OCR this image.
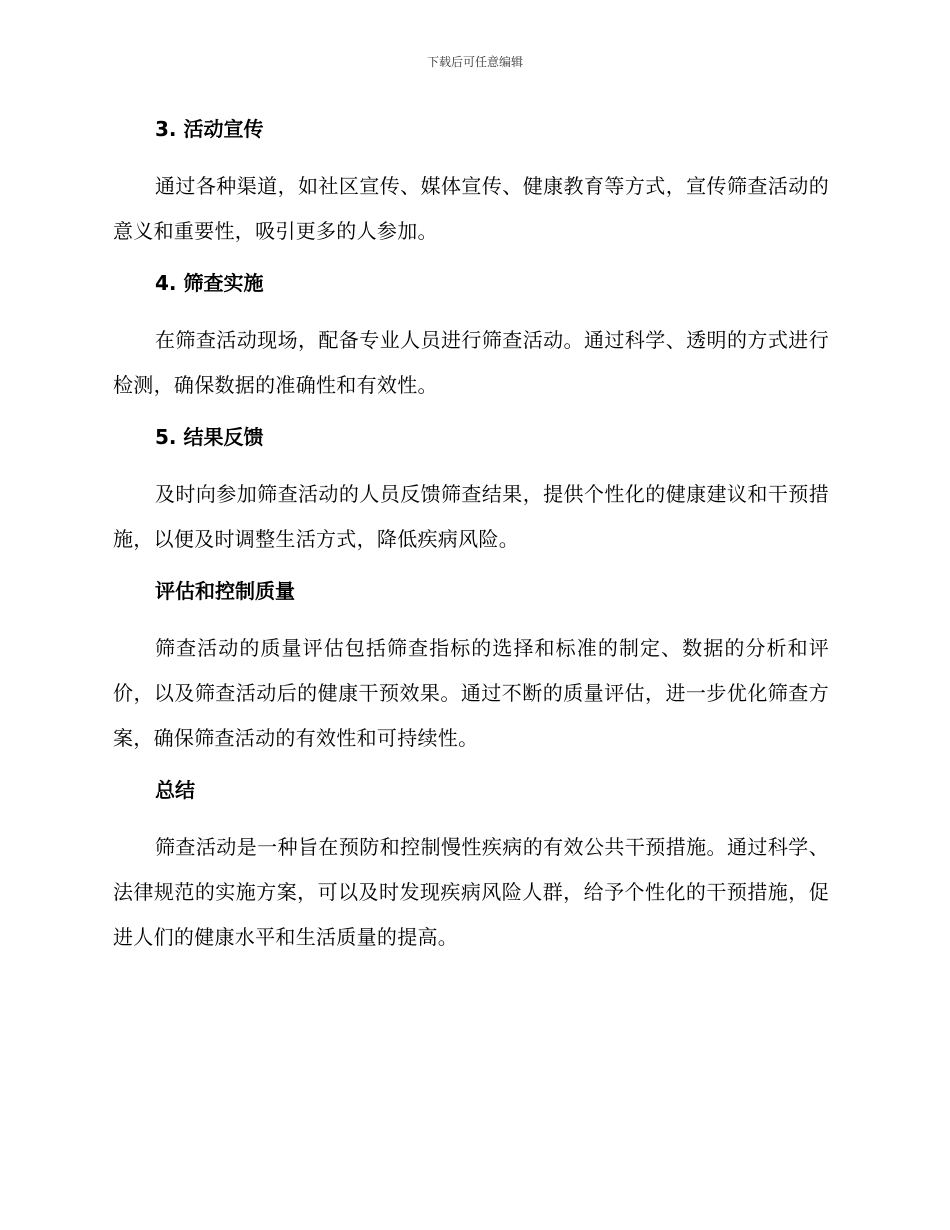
下载后可任意编辑
3. 活动宣传

通过各种渠道，如社区宣传、媒体宣传、健康教育等方式，宣传筛查活动的意义和重要性，吸引更多的人参加。

4. 筛查实施

在筛查活动现场，配备专业人员进行筛查活动。通过科学、透明的方式进行检测，确保数据的准确性和有效性。

5. 结果反馈

及时向参加筛查活动的人员反馈筛查结果，提供个性化的健康建议和干预措施，以便及时调整生活方式，降低疾病风险。

评估和控制质量

筛查活动的质量评估包括筛查指标的选择和标准的制定、数据的分析和评价，以及筛查活动后的健康干预效果。通过不断的质量评估，进一步优化筛查方案，确保筛查活动的有效性和可持续性。

总结

筛查活动是一种旨在预防和控制慢性疾病的有效公共干预措施。通过科学、法律规范的实施方案，可以及时发现疾病风险人群，给予个性化的干预措施，促进人们的健康水平和生活质量的提高。
